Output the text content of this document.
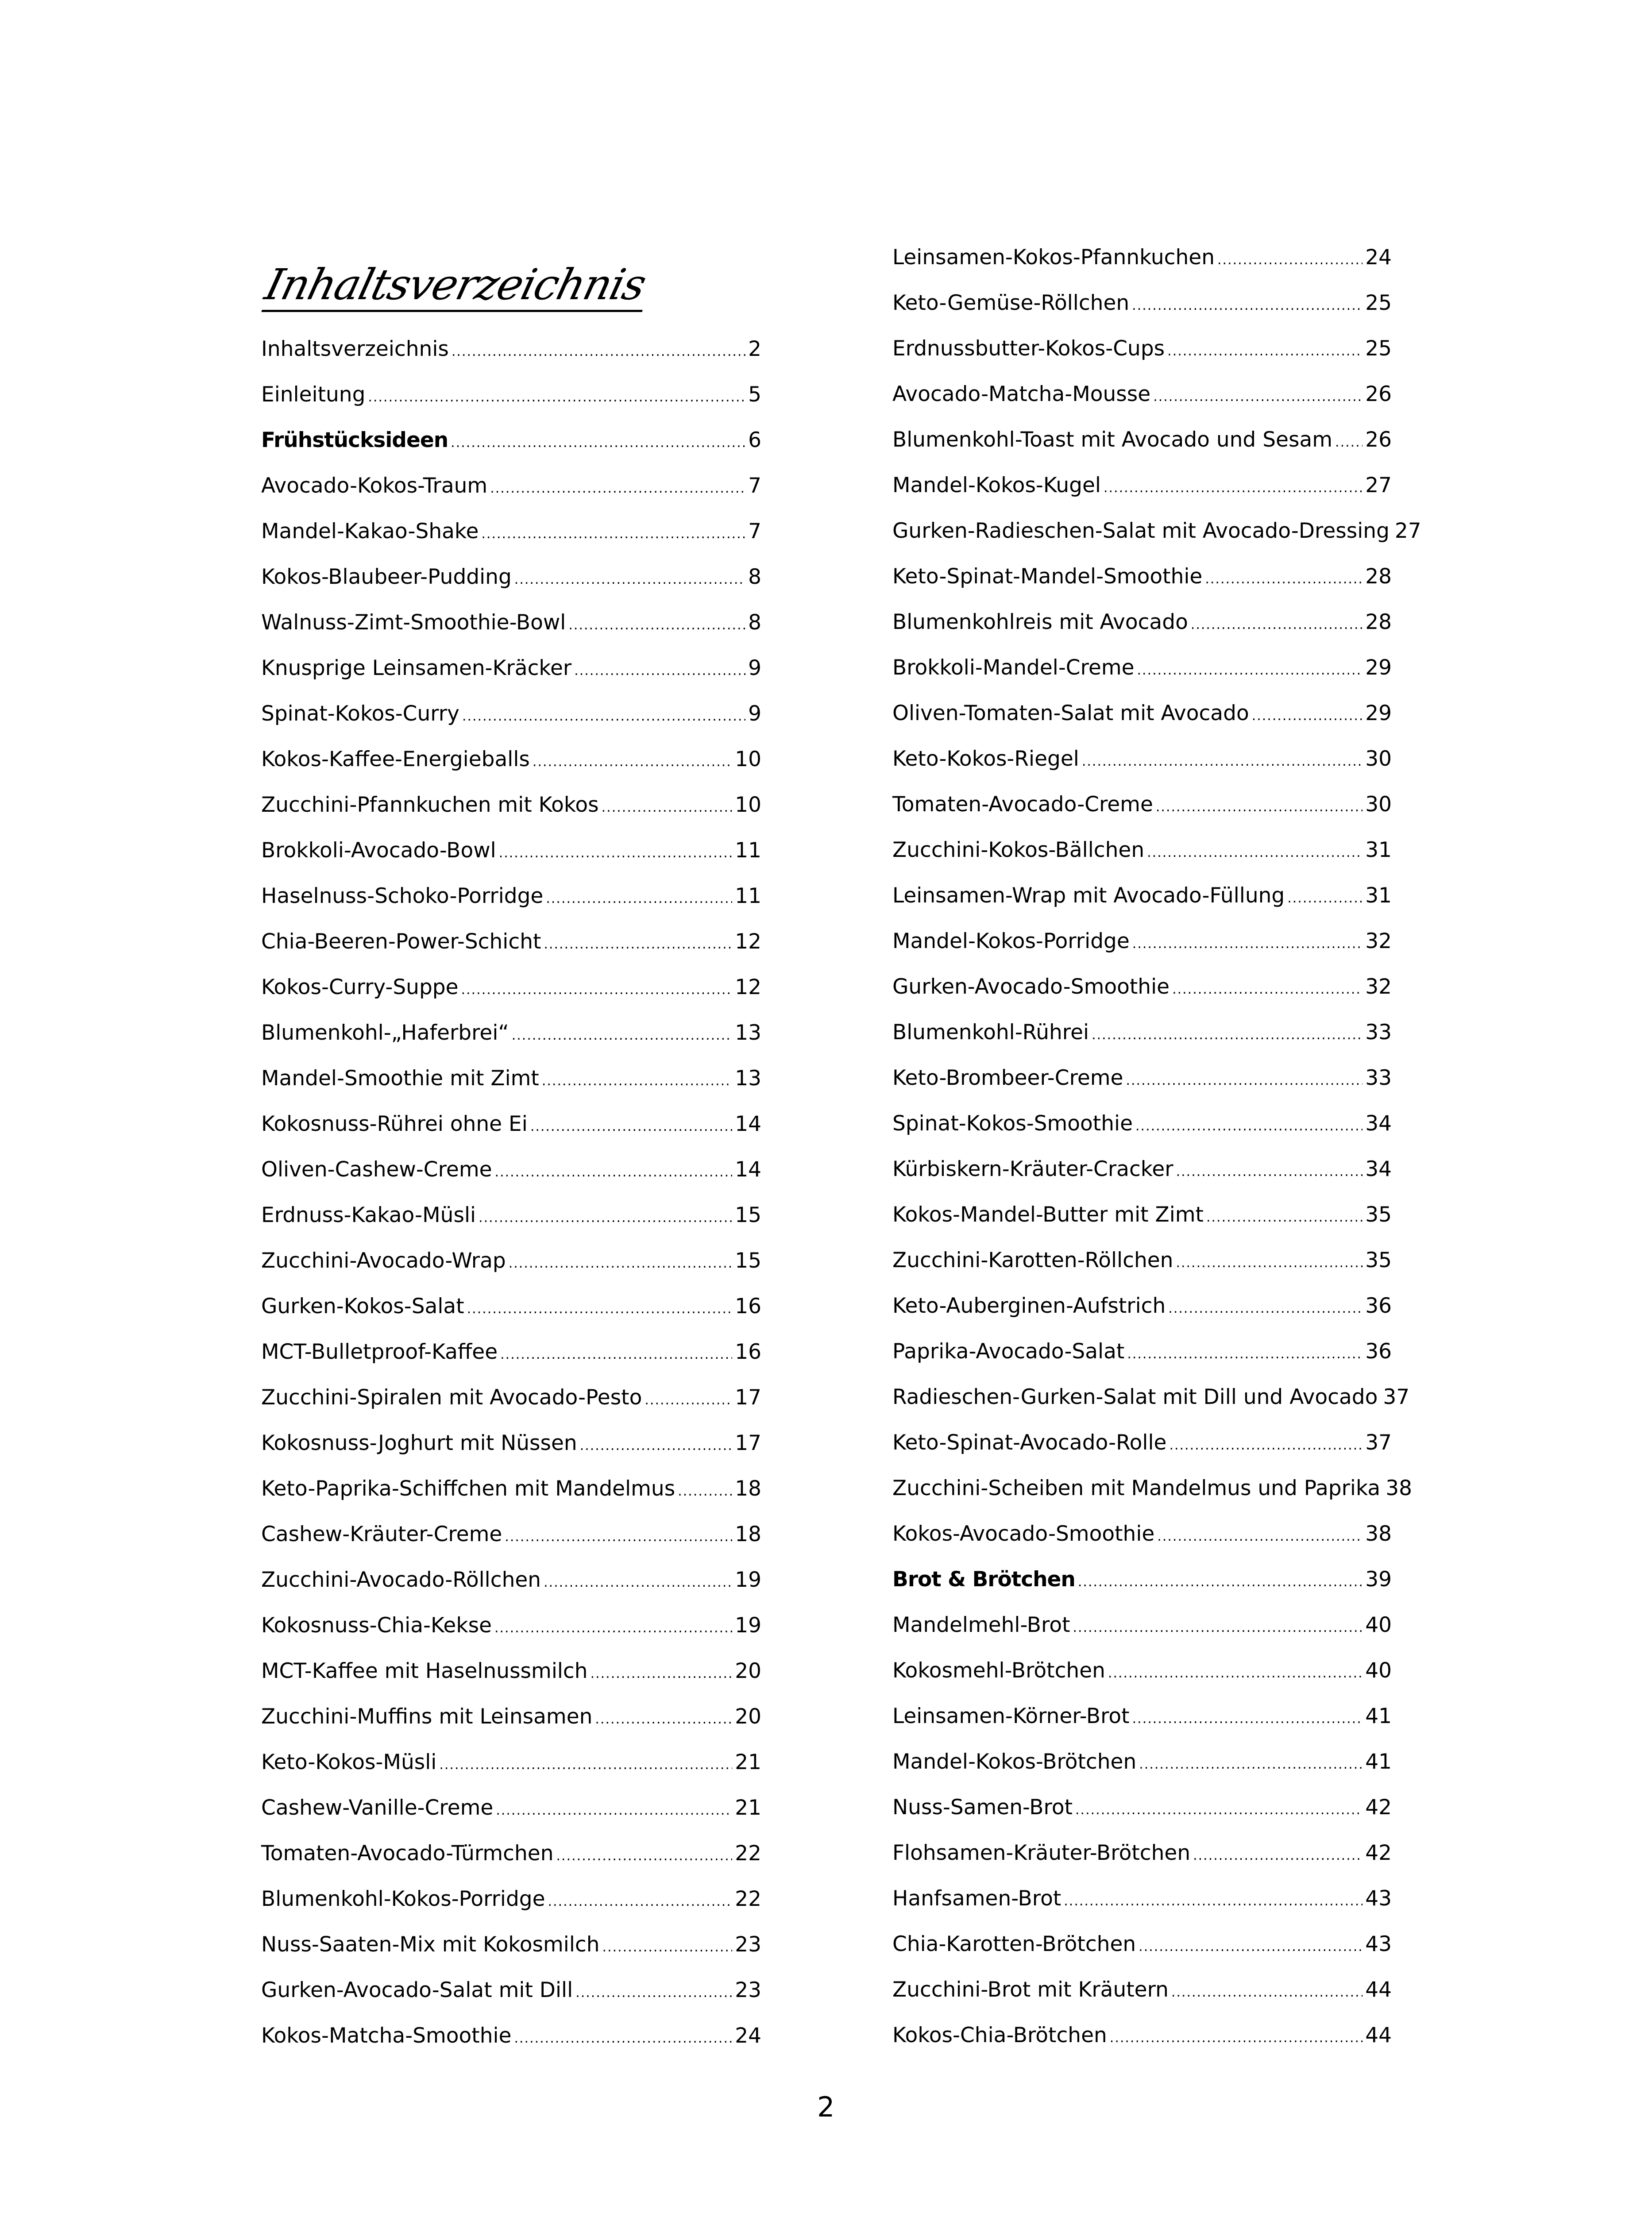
Inhaltsverzeichnis
Inhaltsverzeichnis .....	2
Einleitung .....	5
Frühstücksideen .....	6
Avocado-Kokos-Traum .....	7
Mandel-Kakao-Shake .....	7
Kokos-Blaubeer-Pudding .....	8
Walnuss-Zimt-Smoothie-Bowl .....	8
Knusprige Leinsamen-Kräcker .....	9
Spinat-Kokos-Curry .....	9
Kokos-Kaffee-Energieballs .....	10
Zucchini-Pfannkuchen mit Kokos .....	10
Brokkoli-Avocado-Bowl .....	11
Haselnuss-Schoko-Porridge .....	11
Chia-Beeren-Power-Schicht .....	12
Kokos-Curry-Suppe .....	12
Blumenkohl-„Haferbrei“ .....	13
Mandel-Smoothie mit Zimt .....	13
Kokosnuss-Rührei ohne Ei .....	14
Oliven-Cashew-Creme .....	14
Erdnuss-Kakao-Müsli .....	15
Zucchini-Avocado-Wrap .....	15
Gurken-Kokos-Salat .....	16
MCT-Bulletproof-Kaffee .....	16
Zucchini-Spiralen mit Avocado-Pesto .....	17
Kokosnuss-Joghurt mit Nüssen .....	17
Keto-Paprika-Schiffchen mit Mandelmus .....	18
Cashew-Kräuter-Creme .....	18
Zucchini-Avocado-Röllchen .....	19
Kokosnuss-Chia-Kekse .....	19
MCT-Kaffee mit Haselnussmilch .....	20
Zucchini-Muffins mit Leinsamen .....	20
Keto-Kokos-Müsli .....	21
Cashew-Vanille-Creme .....	21
Tomaten-Avocado-Türmchen .....	22
Blumenkohl-Kokos-Porridge .....	22
Nuss-Saaten-Mix mit Kokosmilch .....	23
Gurken-Avocado-Salat mit Dill .....	23
Kokos-Matcha-Smoothie .....	24
Leinsamen-Kokos-Pfannkuchen .....	24
Keto-Gemüse-Röllchen .....	25
Erdnussbutter-Kokos-Cups .....	25
Avocado-Matcha-Mousse .....	26
Blumenkohl-Toast mit Avocado und Sesam ..... 26
Mandel-Kokos-Kugel .....	27
Gurken-Radieschen-Salat mit Avocado-Dressing 27
Keto-Spinat-Mandel-Smoothie .....	28
Blumenkohlreis mit Avocado .....	28
Brokkoli-Mandel-Creme .....	29
Oliven-Tomaten-Salat mit Avocado .....	29
Keto-Kokos-Riegel .....	30
Tomaten-Avocado-Creme .....	30
Zucchini-Kokos-Bällchen .....	31
Leinsamen-Wrap mit Avocado-Füllung .....	31
Mandel-Kokos-Porridge .....	32
Gurken-Avocado-Smoothie .....	32
Blumenkohl-Rührei .....	33
Keto-Brombeer-Creme .....	33
Spinat-Kokos-Smoothie .....	34
Kürbiskern-Kräuter-Cracker .....	34
Kokos-Mandel-Butter mit Zimt .....	35
Zucchini-Karotten-Röllchen .....	35
Keto-Auberginen-Aufstrich .....	36
Paprika-Avocado-Salat .....	36
Radieschen-Gurken-Salat mit Dill und Avocado 37
Keto-Spinat-Avocado-Rolle .....	37
Zucchini-Scheiben mit Mandelmus und Paprika 38
Kokos-Avocado-Smoothie .....	38
Brot & Brötchen .....	39
Mandelmehl-Brot .....	40
Kokosmehl-Brötchen .....	40
Leinsamen-Körner-Brot .....	41
Mandel-Kokos-Brötchen .....	41
Nuss-Samen-Brot .....	42
Flohsamen-Kräuter-Brötchen .....	42
Hanfsamen-Brot .....	43
Chia-Karotten-Brötchen .....	43
Zucchini-Brot mit Kräutern .....	44
Kokos-Chia-Brötchen .....	44
2
